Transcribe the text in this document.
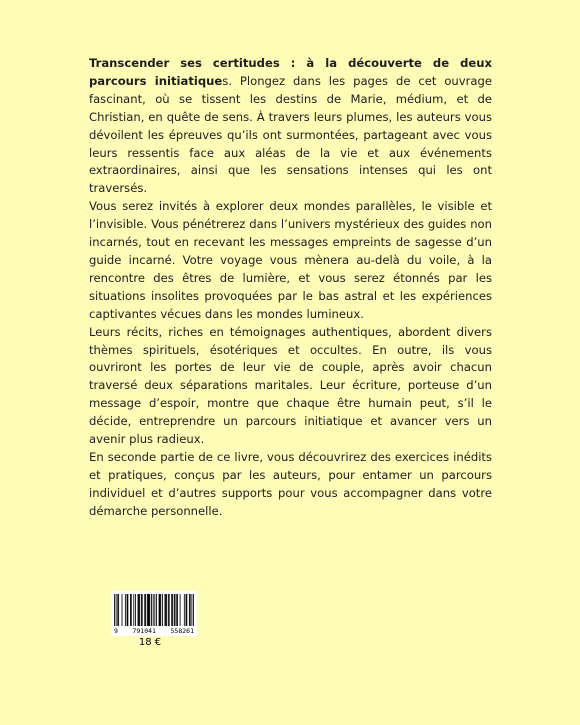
Transcender ses certitudes : à la découverte de deux parcours initiatiques. Plongez dans les pages de cet ouvrage fascinant, où se tissent les destins de Marie, médium, et de Christian, en quête de sens. À travers leurs plumes, les auteurs vous dévoilent les épreuves qu’ils ont surmontées, partageant avec vous leurs ressentis face aux aléas de la vie et aux événements extraordinaires, ainsi que les sensations intenses qui les ont traversés.

Vous serez invités à explorer deux mondes parallèles, le visible et l’invisible. Vous pénétrerez dans l’univers mystérieux des guides non incarnés, tout en recevant les messages empreints de sagesse d’un guide incarné. Votre voyage vous mènera au-delà du voile, à la rencontre des êtres de lumière, et vous serez étonnés par les situations insolites provoquées par le bas astral et les expériences captivantes vécues dans les mondes lumineux.

Leurs récits, riches en témoignages authentiques, abordent divers thèmes spirituels, ésotériques et occultes. En outre, ils vous ouvriront les portes de leur vie de couple, après avoir chacun traversé deux séparations maritales. Leur écriture, porteuse d’un message d’espoir, montre que chaque être humain peut, s’il le décide, entreprendre un parcours initiatique et avancer vers un avenir plus radieux.

En seconde partie de ce livre, vous découvrirez des exercices inédits et pratiques, conçus par les auteurs, pour entamer un parcours individuel et d’autres supports pour vous accompagner dans votre démarche personnelle.

9 791041 558261
18 €
